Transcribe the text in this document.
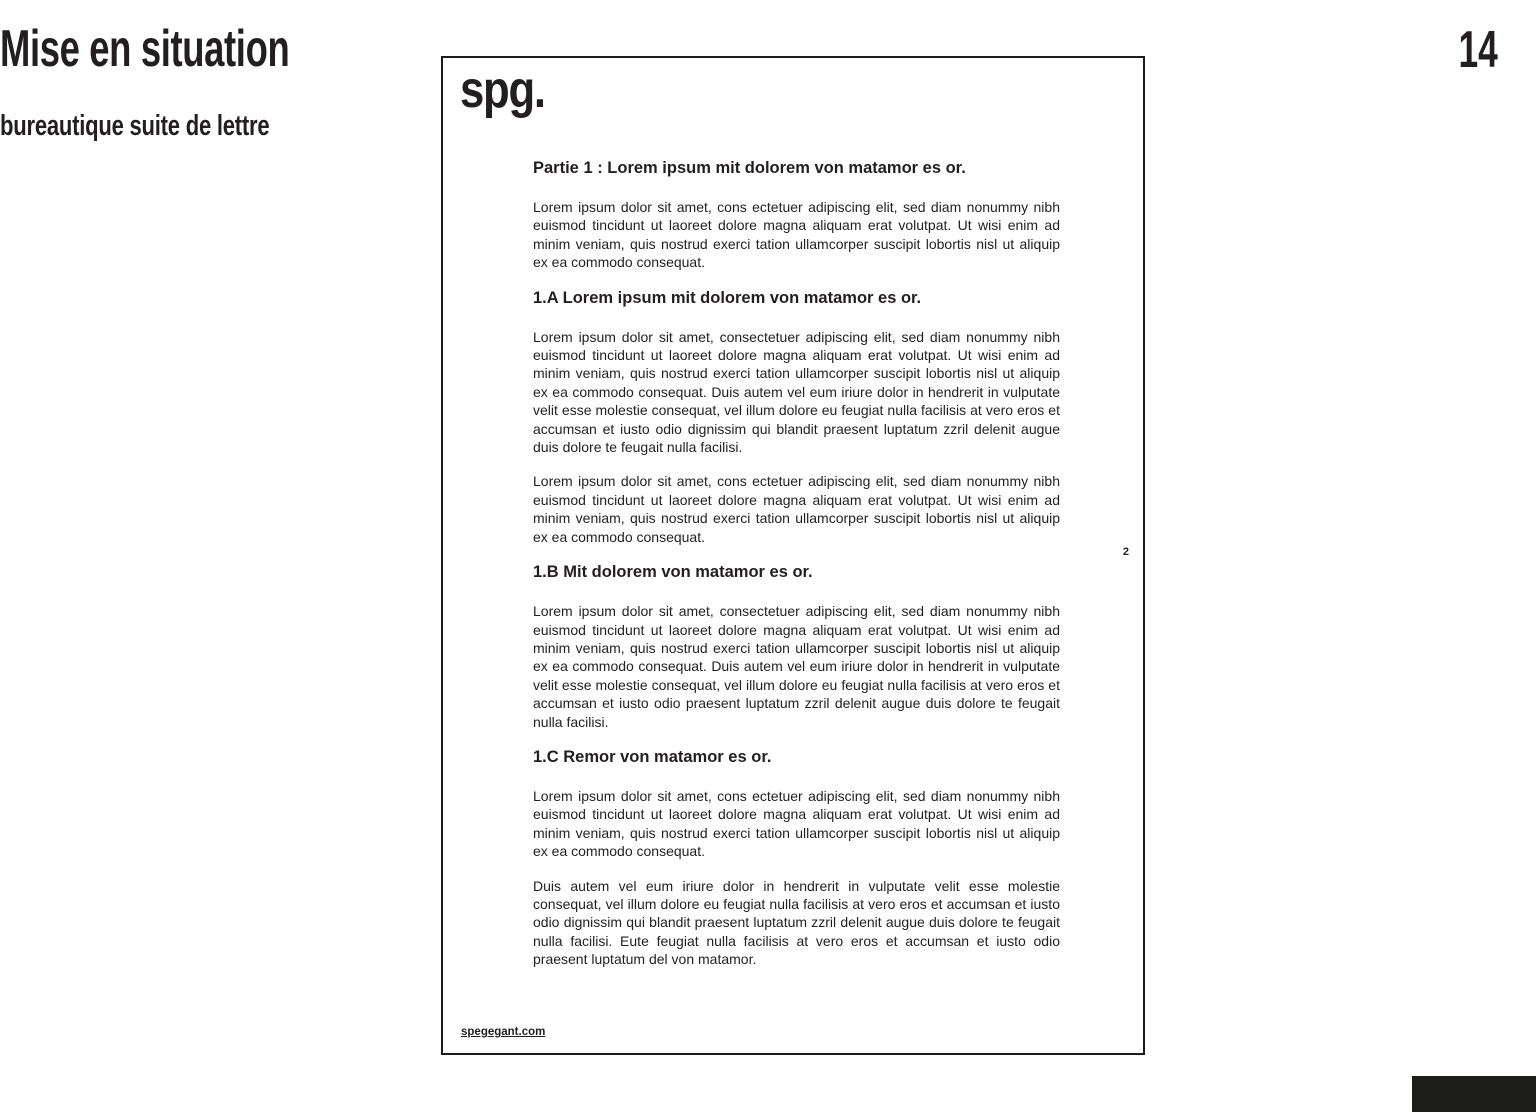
Mise en situation
bureautique suite de lettre
14
spg.
Partie 1 : Lorem ipsum mit dolorem von matamor es or.

Lorem ipsum dolor sit amet, cons ectetuer adipiscing elit, sed diam nonummy nibh euismod tincidunt ut laoreet dolore magna aliquam erat volutpat. Ut wisi enim ad minim veniam, quis nostrud exerci tation ullamcorper suscipit lobortis nisl ut aliquip ex ea commodo consequat.

1.A Lorem ipsum mit dolorem von matamor es or.

Lorem ipsum dolor sit amet, consectetuer adipiscing elit, sed diam nonummy nibh euismod tincidunt ut laoreet dolore magna aliquam erat volutpat. Ut wisi enim ad minim veniam, quis nostrud exerci tation ullamcorper suscipit lobortis nisl ut aliquip ex ea commodo consequat. Duis autem vel eum iriure dolor in hendrerit in vulputate velit esse molestie consequat, vel illum dolore eu feugiat nulla facilisis at vero eros et accumsan et iusto odio dignissim qui blandit praesent luptatum zzril delenit augue duis dolore te feugait nulla facilisi.

Lorem ipsum dolor sit amet, cons ectetuer adipiscing elit, sed diam nonummy nibh euismod tincidunt ut laoreet dolore magna aliquam erat volutpat. Ut wisi enim ad minim veniam, quis nostrud exerci tation ullamcorper suscipit lobortis nisl ut aliquip ex ea commodo consequat.

1.B Mit dolorem von matamor es or.

Lorem ipsum dolor sit amet, consectetuer adipiscing elit, sed diam nonummy nibh euismod tincidunt ut laoreet dolore magna aliquam erat volutpat. Ut wisi enim ad minim veniam, quis nostrud exerci tation ullamcorper suscipit lobortis nisl ut aliquip ex ea commodo consequat. Duis autem vel eum iriure dolor in hendrerit in vulputate velit esse molestie consequat, vel illum dolore eu feugiat nulla facilisis at vero eros et accumsan et iusto odio praesent luptatum zzril delenit augue duis dolore te feugait nulla facilisi.

1.C Remor von matamor es or.

Lorem ipsum dolor sit amet, cons ectetuer adipiscing elit, sed diam nonummy nibh euismod tincidunt ut laoreet dolore magna aliquam erat volutpat. Ut wisi enim ad minim veniam, quis nostrud exerci tation ullamcorper suscipit lobortis nisl ut aliquip ex ea commodo consequat.

Duis autem vel eum iriure dolor in hendrerit in vulputate velit esse molestie consequat, vel illum dolore eu feugiat nulla facilisis at vero eros et accumsan et iusto odio dignissim qui blandit praesent luptatum zzril delenit augue duis dolore te feugait nulla facilisi. Eute feugiat nulla facilisis at vero eros et accumsan et iusto odio praesent luptatum del von matamor.

2
spegegant.com
